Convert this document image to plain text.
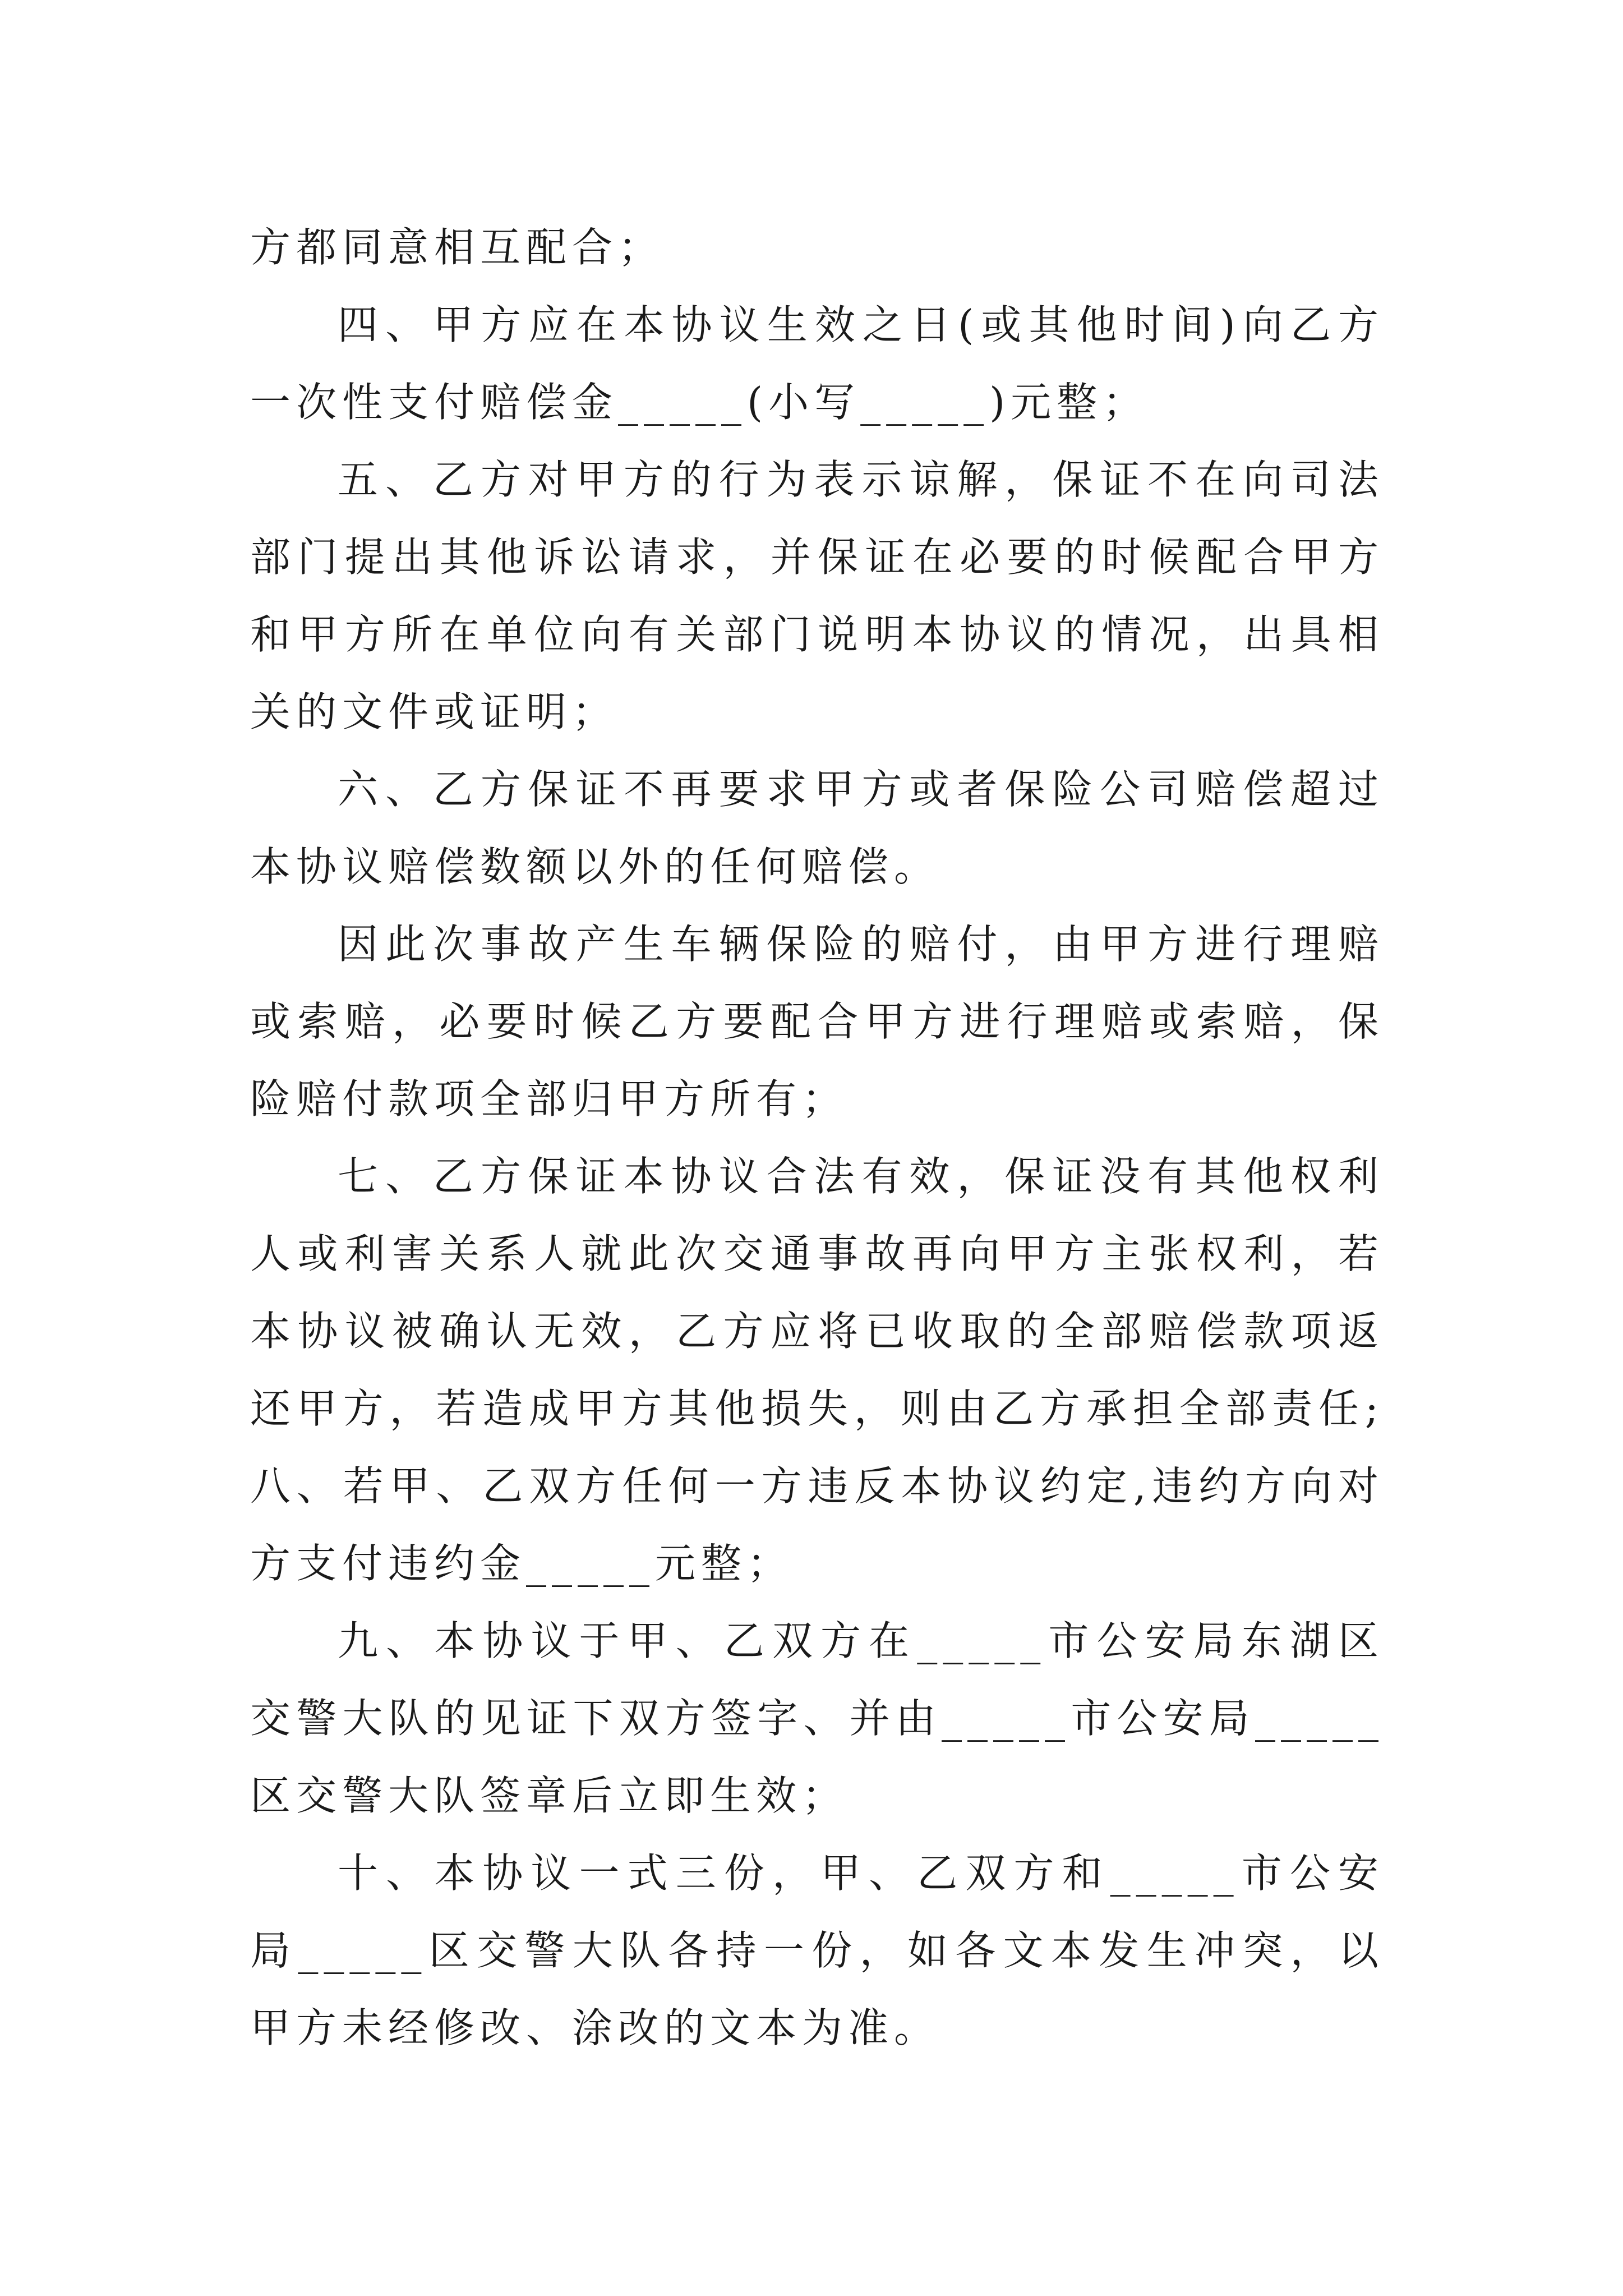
方都同意相互配合；

四、甲方应在本协议生效之日(或其他时间)向乙方一次性支付赔偿金_____(小写_____)元整；

五、乙方对甲方的行为表示谅解，保证不在向司法部门提出其他诉讼请求，并保证在必要的时候配合甲方和甲方所在单位向有关部门说明本协议的情况，出具相关的文件或证明；

六、乙方保证不再要求甲方或者保险公司赔偿超过本协议赔偿数额以外的任何赔偿。

因此次事故产生车辆保险的赔付，由甲方进行理赔或索赔，必要时候乙方要配合甲方进行理赔或索赔，保险赔付款项全部归甲方所有；

七、乙方保证本协议合法有效，保证没有其他权利人或利害关系人就此次交通事故再向甲方主张权利，若本协议被确认无效，乙方应将已收取的全部赔偿款项返还甲方，若造成甲方其他损失，则由乙方承担全部责任;八、若甲、乙双方任何一方违反本协议约定,违约方向对方支付违约金_____元整；

九、本协议于甲、乙双方在_____市公安局东湖区交警大队的见证下双方签字、并由_____市公安局_____区交警大队签章后立即生效；

十、本协议一式三份，甲、乙双方和_____市公安局_____区交警大队各持一份，如各文本发生冲突，以甲方未经修改、涂改的文本为准。
